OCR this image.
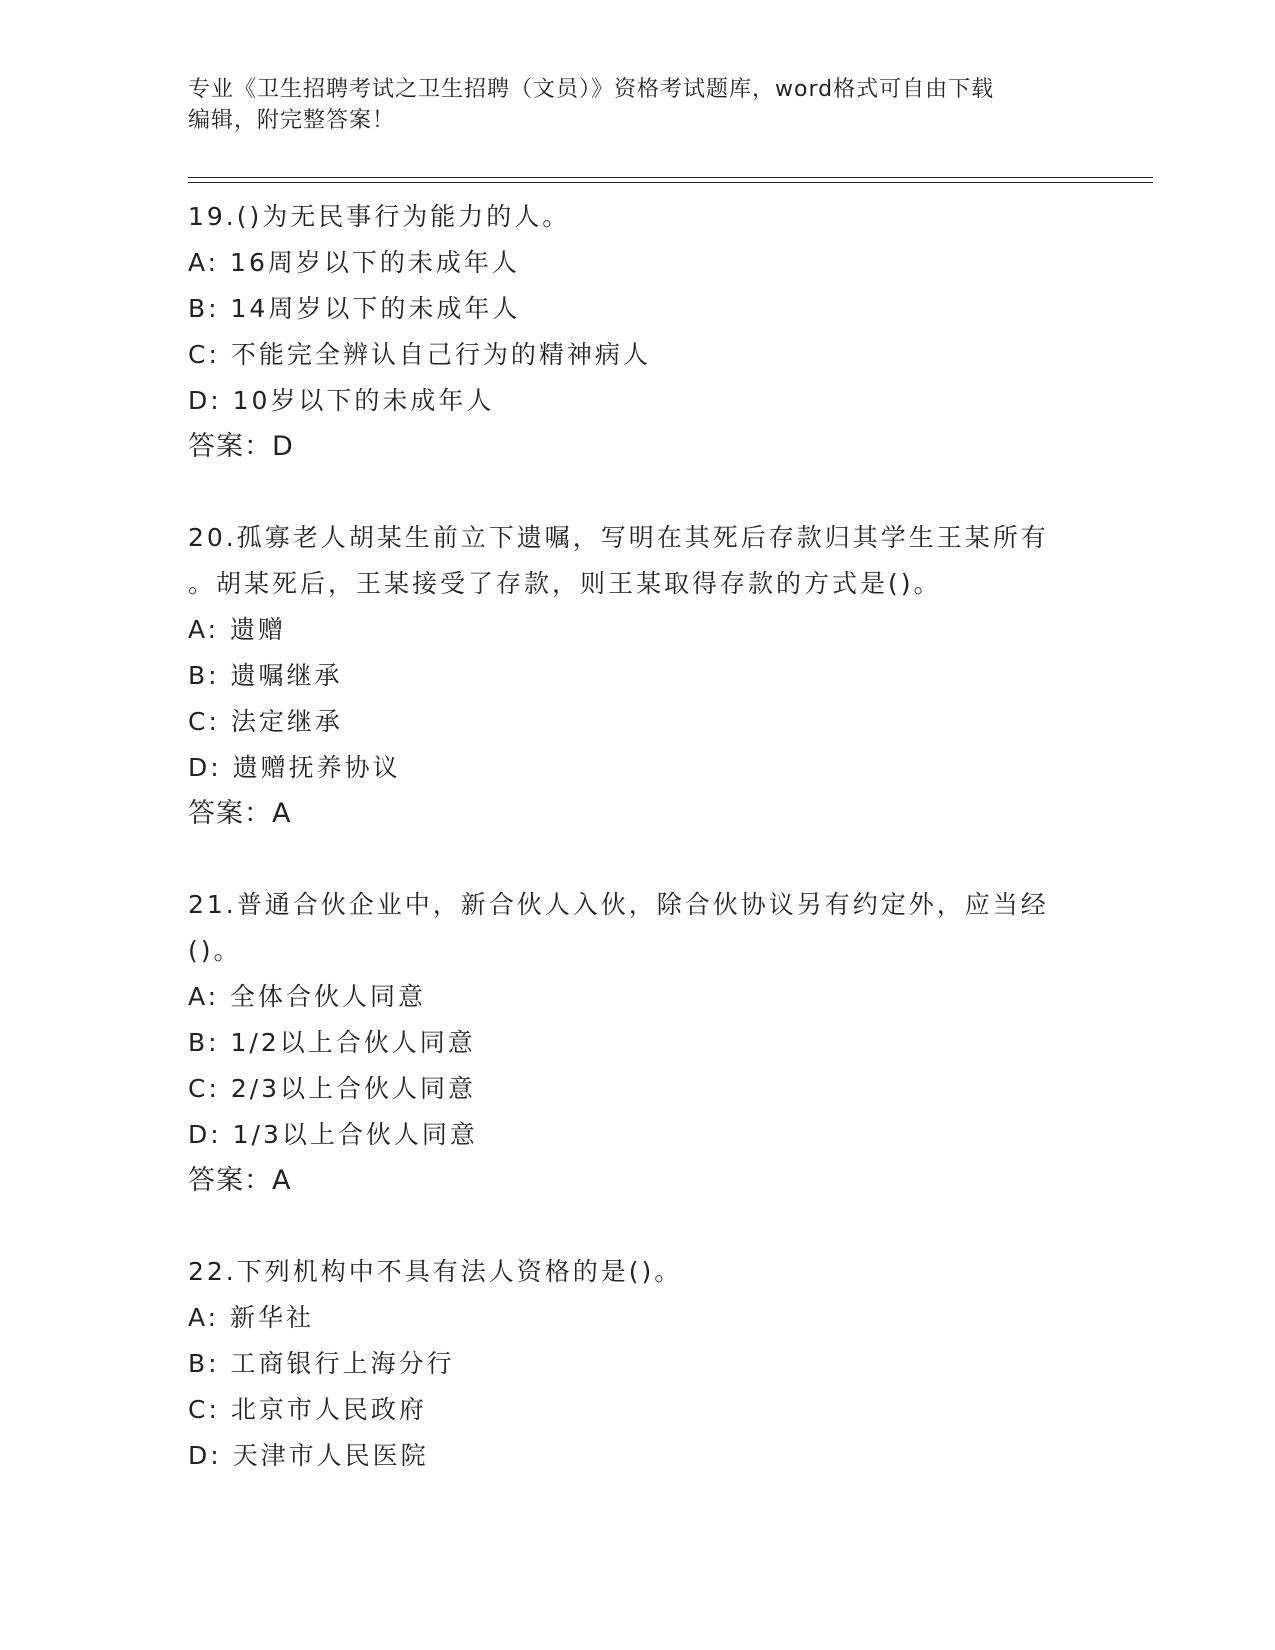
专业《卫生招聘考试之卫生招聘（文员）》资格考试题库，word格式可自由下载
编辑，附完整答案！
19.()为无民事行为能力的人。
A: 16周岁以下的未成年人
B: 14周岁以下的未成年人
C: 不能完全辨认自己行为的精神病人
D: 10岁以下的未成年人
答案：D
20.孤寡老人胡某生前立下遗嘱，写明在其死后存款归其学生王某所有
。胡某死后，王某接受了存款，则王某取得存款的方式是()。
A: 遗赠
B: 遗嘱继承
C: 法定继承
D: 遗赠抚养协议
答案：A
21.普通合伙企业中，新合伙人入伙，除合伙协议另有约定外，应当经
()。
A: 全体合伙人同意
B: 1/2以上合伙人同意
C: 2/3以上合伙人同意
D: 1/3以上合伙人同意
答案：A
22.下列机构中不具有法人资格的是()。
A: 新华社
B: 工商银行上海分行
C: 北京市人民政府
D: 天津市人民医院
